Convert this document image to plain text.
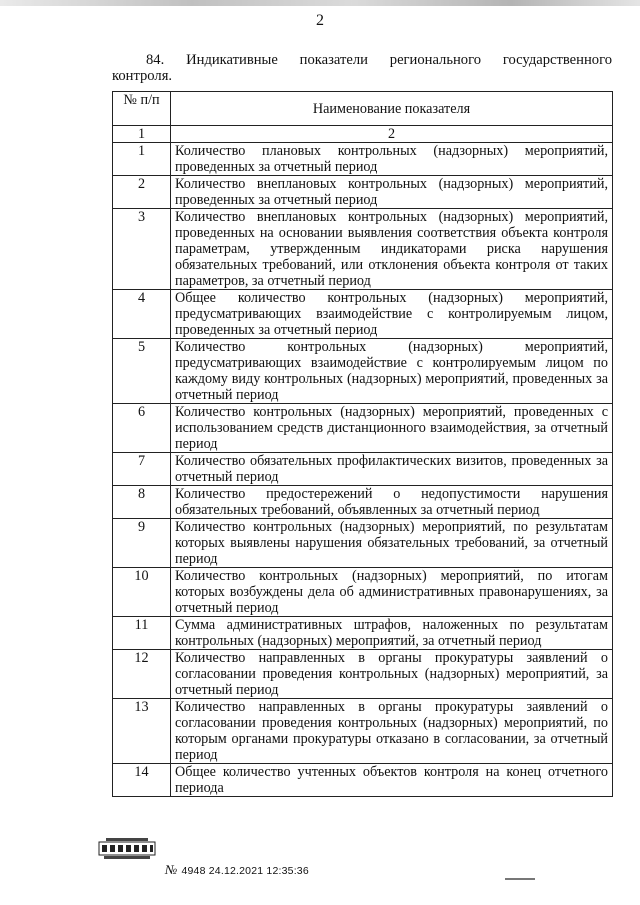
2

84. Индикативные показатели регионального государственного
контроля.

№ п/п	Наименование показателя
1	2
1	Количество плановых контрольных (надзорных) мероприятий, проведенных за отчетный период
2	Количество внеплановых контрольных (надзорных) мероприятий, проведенных за отчетный период
3	Количество внеплановых контрольных (надзорных) мероприятий, проведенных на основании выявления соответствия объекта контроля параметрам, утвержденным индикаторами риска нарушения обязательных требований, или отклонения объекта контроля от таких параметров, за отчетный период
4	Общее количество контрольных (надзорных) мероприятий, предусматривающих взаимодействие с контролируемым лицом, проведенных за отчетный период
5	Количество контрольных (надзорных) мероприятий, предусматривающих взаимодействие с контролируемым лицом по каждому виду контрольных (надзорных) мероприятий, проведенных за отчетный период
6	Количество контрольных (надзорных) мероприятий, проведенных с использованием средств дистанционного взаимодействия, за отчетный период
7	Количество обязательных профилактических визитов, проведенных за отчетный период
8	Количество предостережений о недопустимости нарушения обязательных требований, объявленных за отчетный период
9	Количество контрольных (надзорных) мероприятий, по результатам которых выявлены нарушения обязательных требований, за отчетный период
10	Количество контрольных (надзорных) мероприятий, по итогам которых возбуждены дела об административных правонарушениях, за отчетный период
11	Сумма административных штрафов, наложенных по результатам контрольных (надзорных) мероприятий, за отчетный период
12	Количество направленных в органы прокуратуры заявлений о согласовании проведения контрольных (надзорных) мероприятий, за отчетный период
13	Количество направленных в органы прокуратуры заявлений о согласовании проведения контрольных (надзорных) мероприятий, по которым органами прокуратуры отказано в согласовании, за отчетный период
14	Общее количество учтенных объектов контроля на конец отчетного периода
№ 4948 24.12.2021 12:35:36
